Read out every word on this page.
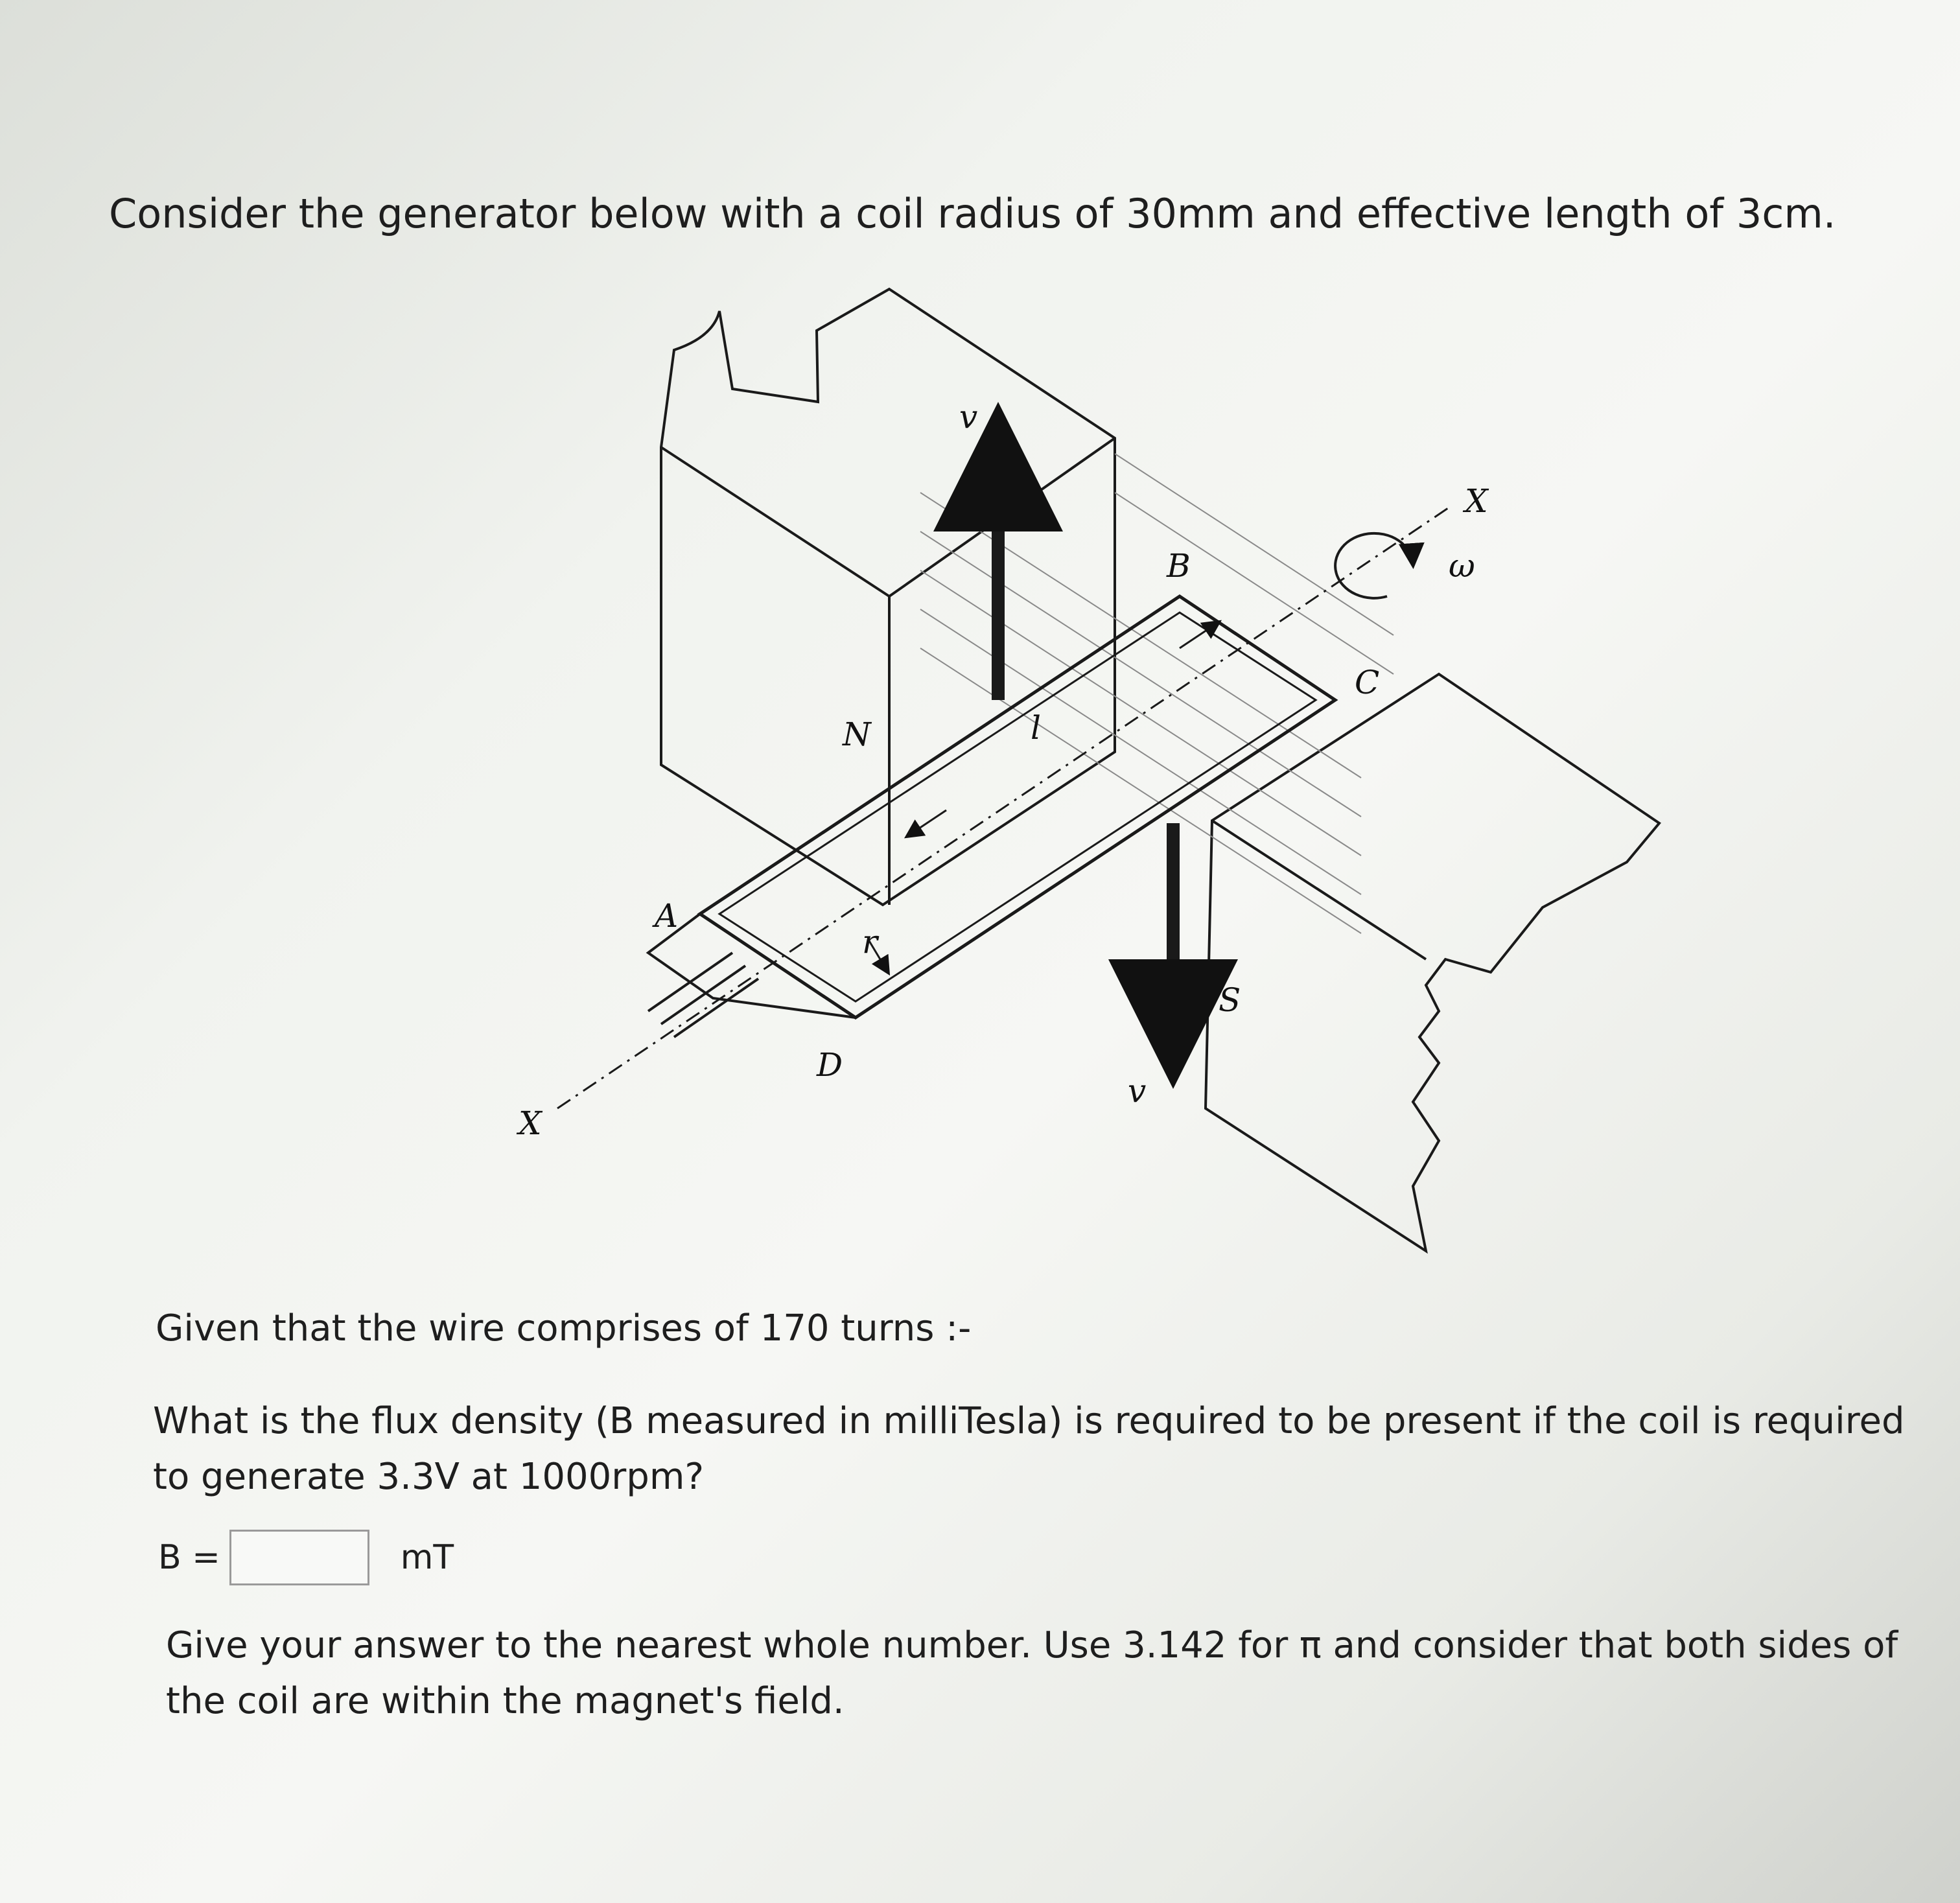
Consider the generator below with a coil radius of 30mm and effective length of 3cm.
v
v
N
S
A
B
C
D
l
r
ω
X
X
Given that the wire comprises of 170 turns :-
What is the flux density (B measured in milliTesla) is required to be present if the coil is required to generate 3.3V at 1000rpm?
B =	mT
Give your answer to the nearest whole number. Use 3.142 for π and consider that both sides of the coil are within the magnet's field.
